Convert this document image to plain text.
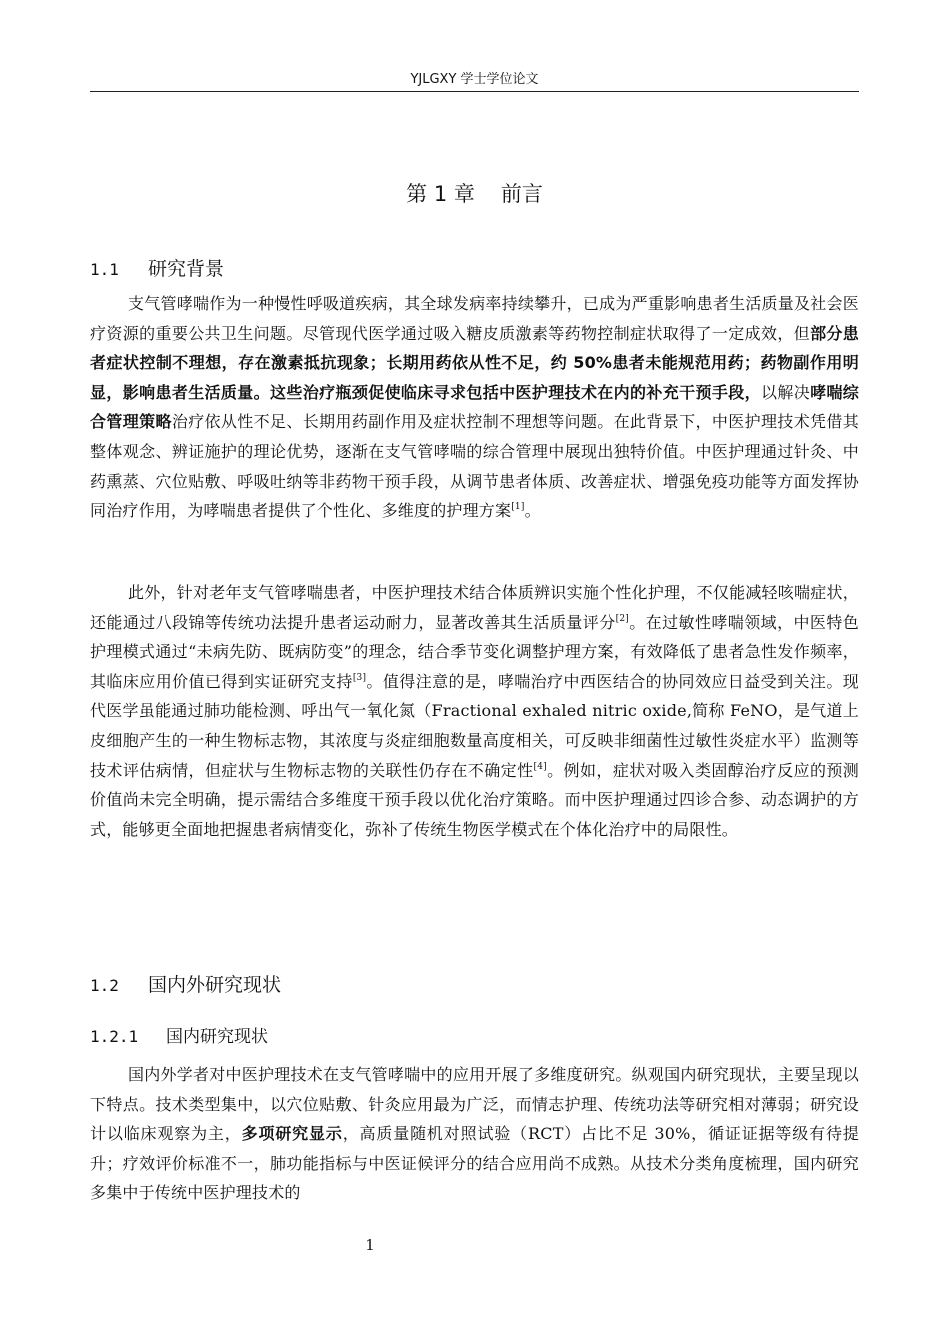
YJLGXY 学士学位论文
第 1 章 前言
1.1 研究背景

支气管哮喘作为一种慢性呼吸道疾病，其全球发病率持续攀升，已成为严重影响患者生活质量及社会医疗资源的重要公共卫生问题。尽管现代医学通过吸入糖皮质激素等药物控制症状取得了一定成效，但部分患者症状控制不理想，存在激素抵抗现象；长期用药依从性不足，约 50%患者未能规范用药；药物副作用明显，影响患者生活质量。这些治疗瓶颈促使临床寻求包括中医护理技术在内的补充干预手段，以解决哮喘综合管理策略治疗依从性不足、长期用药副作用及症状控制不理想等问题。在此背景下，中医护理技术凭借其整体观念、辨证施护的理论优势，逐渐在支气管哮喘的综合管理中展现出独特价值。中医护理通过针灸、中药熏蒸、穴位贴敷、呼吸吐纳等非药物干预手段，从调节患者体质、改善症状、增强免疫功能等方面发挥协同治疗作用，为哮喘患者提供了个性化、多维度的护理方案[1]。

此外，针对老年支气管哮喘患者，中医护理技术结合体质辨识实施个性化护理，不仅能减轻咳喘症状，还能通过八段锦等传统功法提升患者运动耐力，显著改善其生活质量评分[2]。在过敏性哮喘领域，中医特色护理模式通过“未病先防、既病防变”的理念，结合季节变化调整护理方案，有效降低了患者急性发作频率，其临床应用价值已得到实证研究支持[3]。值得注意的是，哮喘治疗中西医结合的协同效应日益受到关注。现代医学虽能通过肺功能检测、呼出气一氧化氮（Fractional exhaled nitric oxide,简称 FeNO，是气道上皮细胞产生的一种生物标志物，其浓度与炎症细胞数量高度相关，可反映非细菌性过敏性炎症水平）监测等技术评估病情，但症状与生物标志物的关联性仍存在不确定性[4]。例如，症状对吸入类固醇治疗反应的预测价值尚未完全明确，提示需结合多维度干预手段以优化治疗策略。而中医护理通过四诊合参、动态调护的方式，能够更全面地把握患者病情变化，弥补了传统生物医学模式在个体化治疗中的局限性。

1.2 国内外研究现状
1.2.1 国内研究现状

国内外学者对中医护理技术在支气管哮喘中的应用开展了多维度研究。纵观国内研究现状，主要呈现以下特点。技术类型集中，以穴位贴敷、针灸应用最为广泛，而情志护理、传统功法等研究相对薄弱；研究设计以临床观察为主，多项研究显示，高质量随机对照试验（RCT）占比不足 30%，循证证据等级有待提升；疗效评价标准不一，肺功能指标与中医证候评分的结合应用尚不成熟。从技术分类角度梳理，国内研究多集中于传统中医护理技术的

1
